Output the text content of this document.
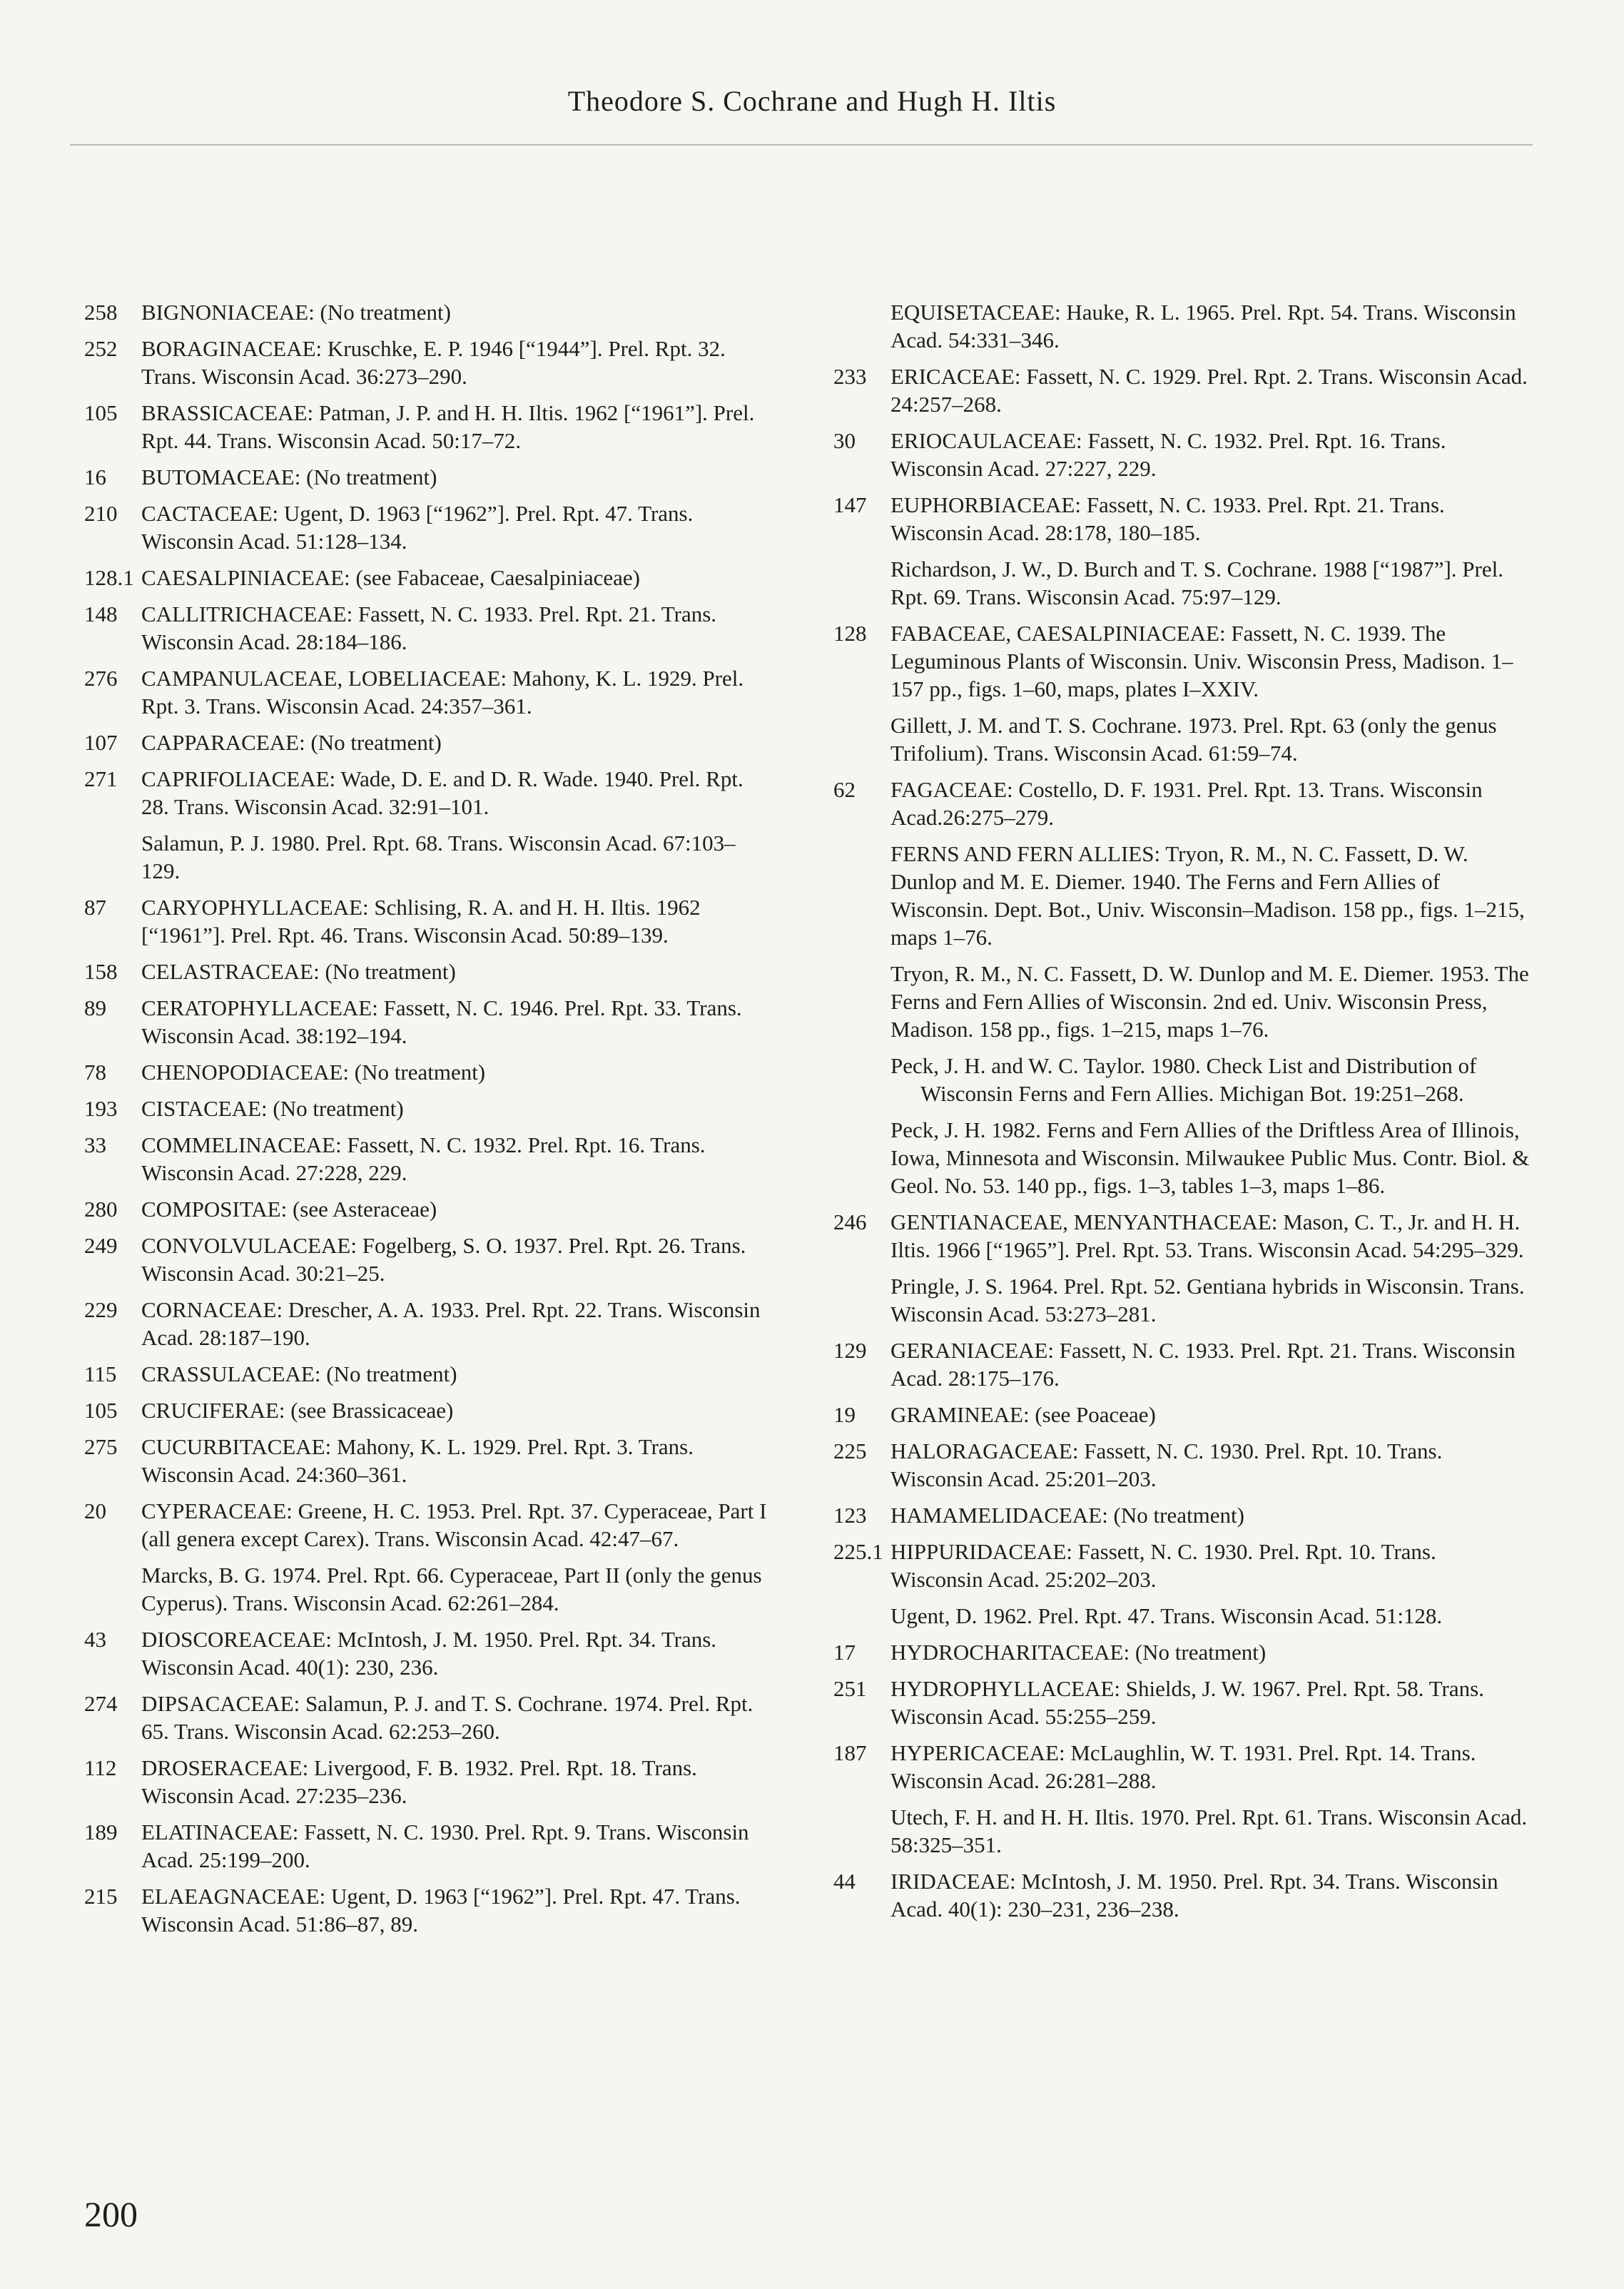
Theodore S. Cochrane and Hugh H. Iltis
258 BIGNONIACEAE: (No treatment)
252 BORAGINACEAE: Kruschke, E. P. 1946 [“1944”]. Prel. Rpt. 32. Trans. Wisconsin Acad. 36:273–290.
105 BRASSICACEAE: Patman, J. P. and H. H. Iltis. 1962 [“1961”]. Prel. Rpt. 44. Trans. Wisconsin Acad. 50:17–72.
16 BUTOMACEAE: (No treatment)
210 CACTACEAE: Ugent, D. 1963 [“1962”]. Prel. Rpt. 47. Trans. Wisconsin Acad. 51:128–134.
128.1 CAESALPINIACEAE: (see Fabaceae, Caesalpiniaceae)
148 CALLITRICHACEAE: Fassett, N. C. 1933. Prel. Rpt. 21. Trans. Wisconsin Acad. 28:184–186.
276 CAMPANULACEAE, LOBELIACEAE: Mahony, K. L. 1929. Prel. Rpt. 3. Trans. Wisconsin Acad. 24:357–361.
107 CAPPARACEAE: (No treatment)
271 CAPRIFOLIACEAE: Wade, D. E. and D. R. Wade. 1940. Prel. Rpt. 28. Trans. Wisconsin Acad. 32:91–101.
Salamun, P. J. 1980. Prel. Rpt. 68. Trans. Wisconsin Acad. 67:103–129.
87 CARYOPHYLLACEAE: Schlising, R. A. and H. H. Iltis. 1962 [“1961”]. Prel. Rpt. 46. Trans. Wisconsin Acad. 50:89–139.
158 CELASTRACEAE: (No treatment)
89 CERATOPHYLLACEAE: Fassett, N. C. 1946. Prel. Rpt. 33. Trans. Wisconsin Acad. 38:192–194.
78 CHENOPODIACEAE: (No treatment)
193 CISTACEAE: (No treatment)
33 COMMELINACEAE: Fassett, N. C. 1932. Prel. Rpt. 16. Trans. Wisconsin Acad. 27:228, 229.
280 COMPOSITAE: (see Asteraceae)
249 CONVOLVULACEAE: Fogelberg, S. O. 1937. Prel. Rpt. 26. Trans. Wisconsin Acad. 30:21–25.
229 CORNACEAE: Drescher, A. A. 1933. Prel. Rpt. 22. Trans. Wisconsin Acad. 28:187–190.
115 CRASSULACEAE: (No treatment)
105 CRUCIFERAE: (see Brassicaceae)
275 CUCURBITACEAE: Mahony, K. L. 1929. Prel. Rpt. 3. Trans. Wisconsin Acad. 24:360–361.
20 CYPERACEAE: Greene, H. C. 1953. Prel. Rpt. 37. Cyperaceae, Part I (all genera except Carex). Trans. Wisconsin Acad. 42:47–67.
Marcks, B. G. 1974. Prel. Rpt. 66. Cyperaceae, Part II (only the genus Cyperus). Trans. Wisconsin Acad. 62:261–284.
43 DIOSCOREACEAE: McIntosh, J. M. 1950. Prel. Rpt. 34. Trans. Wisconsin Acad. 40(1): 230, 236.
274 DIPSACACEAE: Salamun, P. J. and T. S. Cochrane. 1974. Prel. Rpt. 65. Trans. Wisconsin Acad. 62:253–260.
112 DROSERACEAE: Livergood, F. B. 1932. Prel. Rpt. 18. Trans. Wisconsin Acad. 27:235–236.
189 ELATINACEAE: Fassett, N. C. 1930. Prel. Rpt. 9. Trans. Wisconsin Acad. 25:199–200.
215 ELAEAGNACEAE: Ugent, D. 1963 [“1962”]. Prel. Rpt. 47. Trans. Wisconsin Acad. 51:86–87, 89.
EQUISETACEAE: Hauke, R. L. 1965. Prel. Rpt. 54. Trans. Wisconsin Acad. 54:331–346.
233 ERICACEAE: Fassett, N. C. 1929. Prel. Rpt. 2. Trans. Wisconsin Acad. 24:257–268.
30 ERIOCAULACEAE: Fassett, N. C. 1932. Prel. Rpt. 16. Trans. Wisconsin Acad. 27:227, 229.
147 EUPHORBIACEAE: Fassett, N. C. 1933. Prel. Rpt. 21. Trans. Wisconsin Acad. 28:178, 180–185.
Richardson, J. W., D. Burch and T. S. Cochrane. 1988 [“1987”]. Prel. Rpt. 69. Trans. Wisconsin Acad. 75:97–129.
128 FABACEAE, CAESALPINIACEAE: Fassett, N. C. 1939. The Leguminous Plants of Wisconsin. Univ. Wisconsin Press, Madison. 1–157 pp., figs. 1–60, maps, plates I–XXIV.
Gillett, J. M. and T. S. Cochrane. 1973. Prel. Rpt. 63 (only the genus Trifolium). Trans. Wisconsin Acad. 61:59–74.
62 FAGACEAE: Costello, D. F. 1931. Prel. Rpt. 13. Trans. Wisconsin Acad.26:275–279.
FERNS AND FERN ALLIES: Tryon, R. M., N. C. Fassett, D. W. Dunlop and M. E. Diemer. 1940. The Ferns and Fern Allies of Wisconsin. Dept. Bot., Univ. Wisconsin–Madison. 158 pp., figs. 1–215, maps 1–76.
Tryon, R. M., N. C. Fassett, D. W. Dunlop and M. E. Diemer. 1953. The Ferns and Fern Allies of Wisconsin. 2nd ed. Univ. Wisconsin Press, Madison. 158 pp., figs. 1–215, maps 1–76.
Peck, J. H. and W. C. Taylor. 1980. Check List and Distribution of Wisconsin Ferns and Fern Allies. Michigan Bot. 19:251–268.
Peck, J. H. 1982. Ferns and Fern Allies of the Driftless Area of Illinois, Iowa, Minnesota and Wisconsin. Milwaukee Public Mus. Contr. Biol. & Geol. No. 53. 140 pp., figs. 1–3, tables 1–3, maps 1–86.
246 GENTIANACEAE, MENYANTHACEAE: Mason, C. T., Jr. and H. H. Iltis. 1966 [“1965”]. Prel. Rpt. 53. Trans. Wisconsin Acad. 54:295–329.
Pringle, J. S. 1964. Prel. Rpt. 52. Gentiana hybrids in Wisconsin. Trans. Wisconsin Acad. 53:273–281.
129 GERANIACEAE: Fassett, N. C. 1933. Prel. Rpt. 21. Trans. Wisconsin Acad. 28:175–176.
19 GRAMINEAE: (see Poaceae)
225 HALORAGACEAE: Fassett, N. C. 1930. Prel. Rpt. 10. Trans. Wisconsin Acad. 25:201–203.
123 HAMAMELIDACEAE: (No treatment)
225.1 HIPPURIDACEAE: Fassett, N. C. 1930. Prel. Rpt. 10. Trans. Wisconsin Acad. 25:202–203.
Ugent, D. 1962. Prel. Rpt. 47. Trans. Wisconsin Acad. 51:128.
17 HYDROCHARITACEAE: (No treatment)
251 HYDROPHYLLACEAE: Shields, J. W. 1967. Prel. Rpt. 58. Trans. Wisconsin Acad. 55:255–259.
187 HYPERICACEAE: McLaughlin, W. T. 1931. Prel. Rpt. 14. Trans. Wisconsin Acad. 26:281–288.
Utech, F. H. and H. H. Iltis. 1970. Prel. Rpt. 61. Trans. Wisconsin Acad. 58:325–351.
44 IRIDACEAE: McIntosh, J. M. 1950. Prel. Rpt. 34. Trans. Wisconsin Acad. 40(1): 230–231, 236–238.
200
